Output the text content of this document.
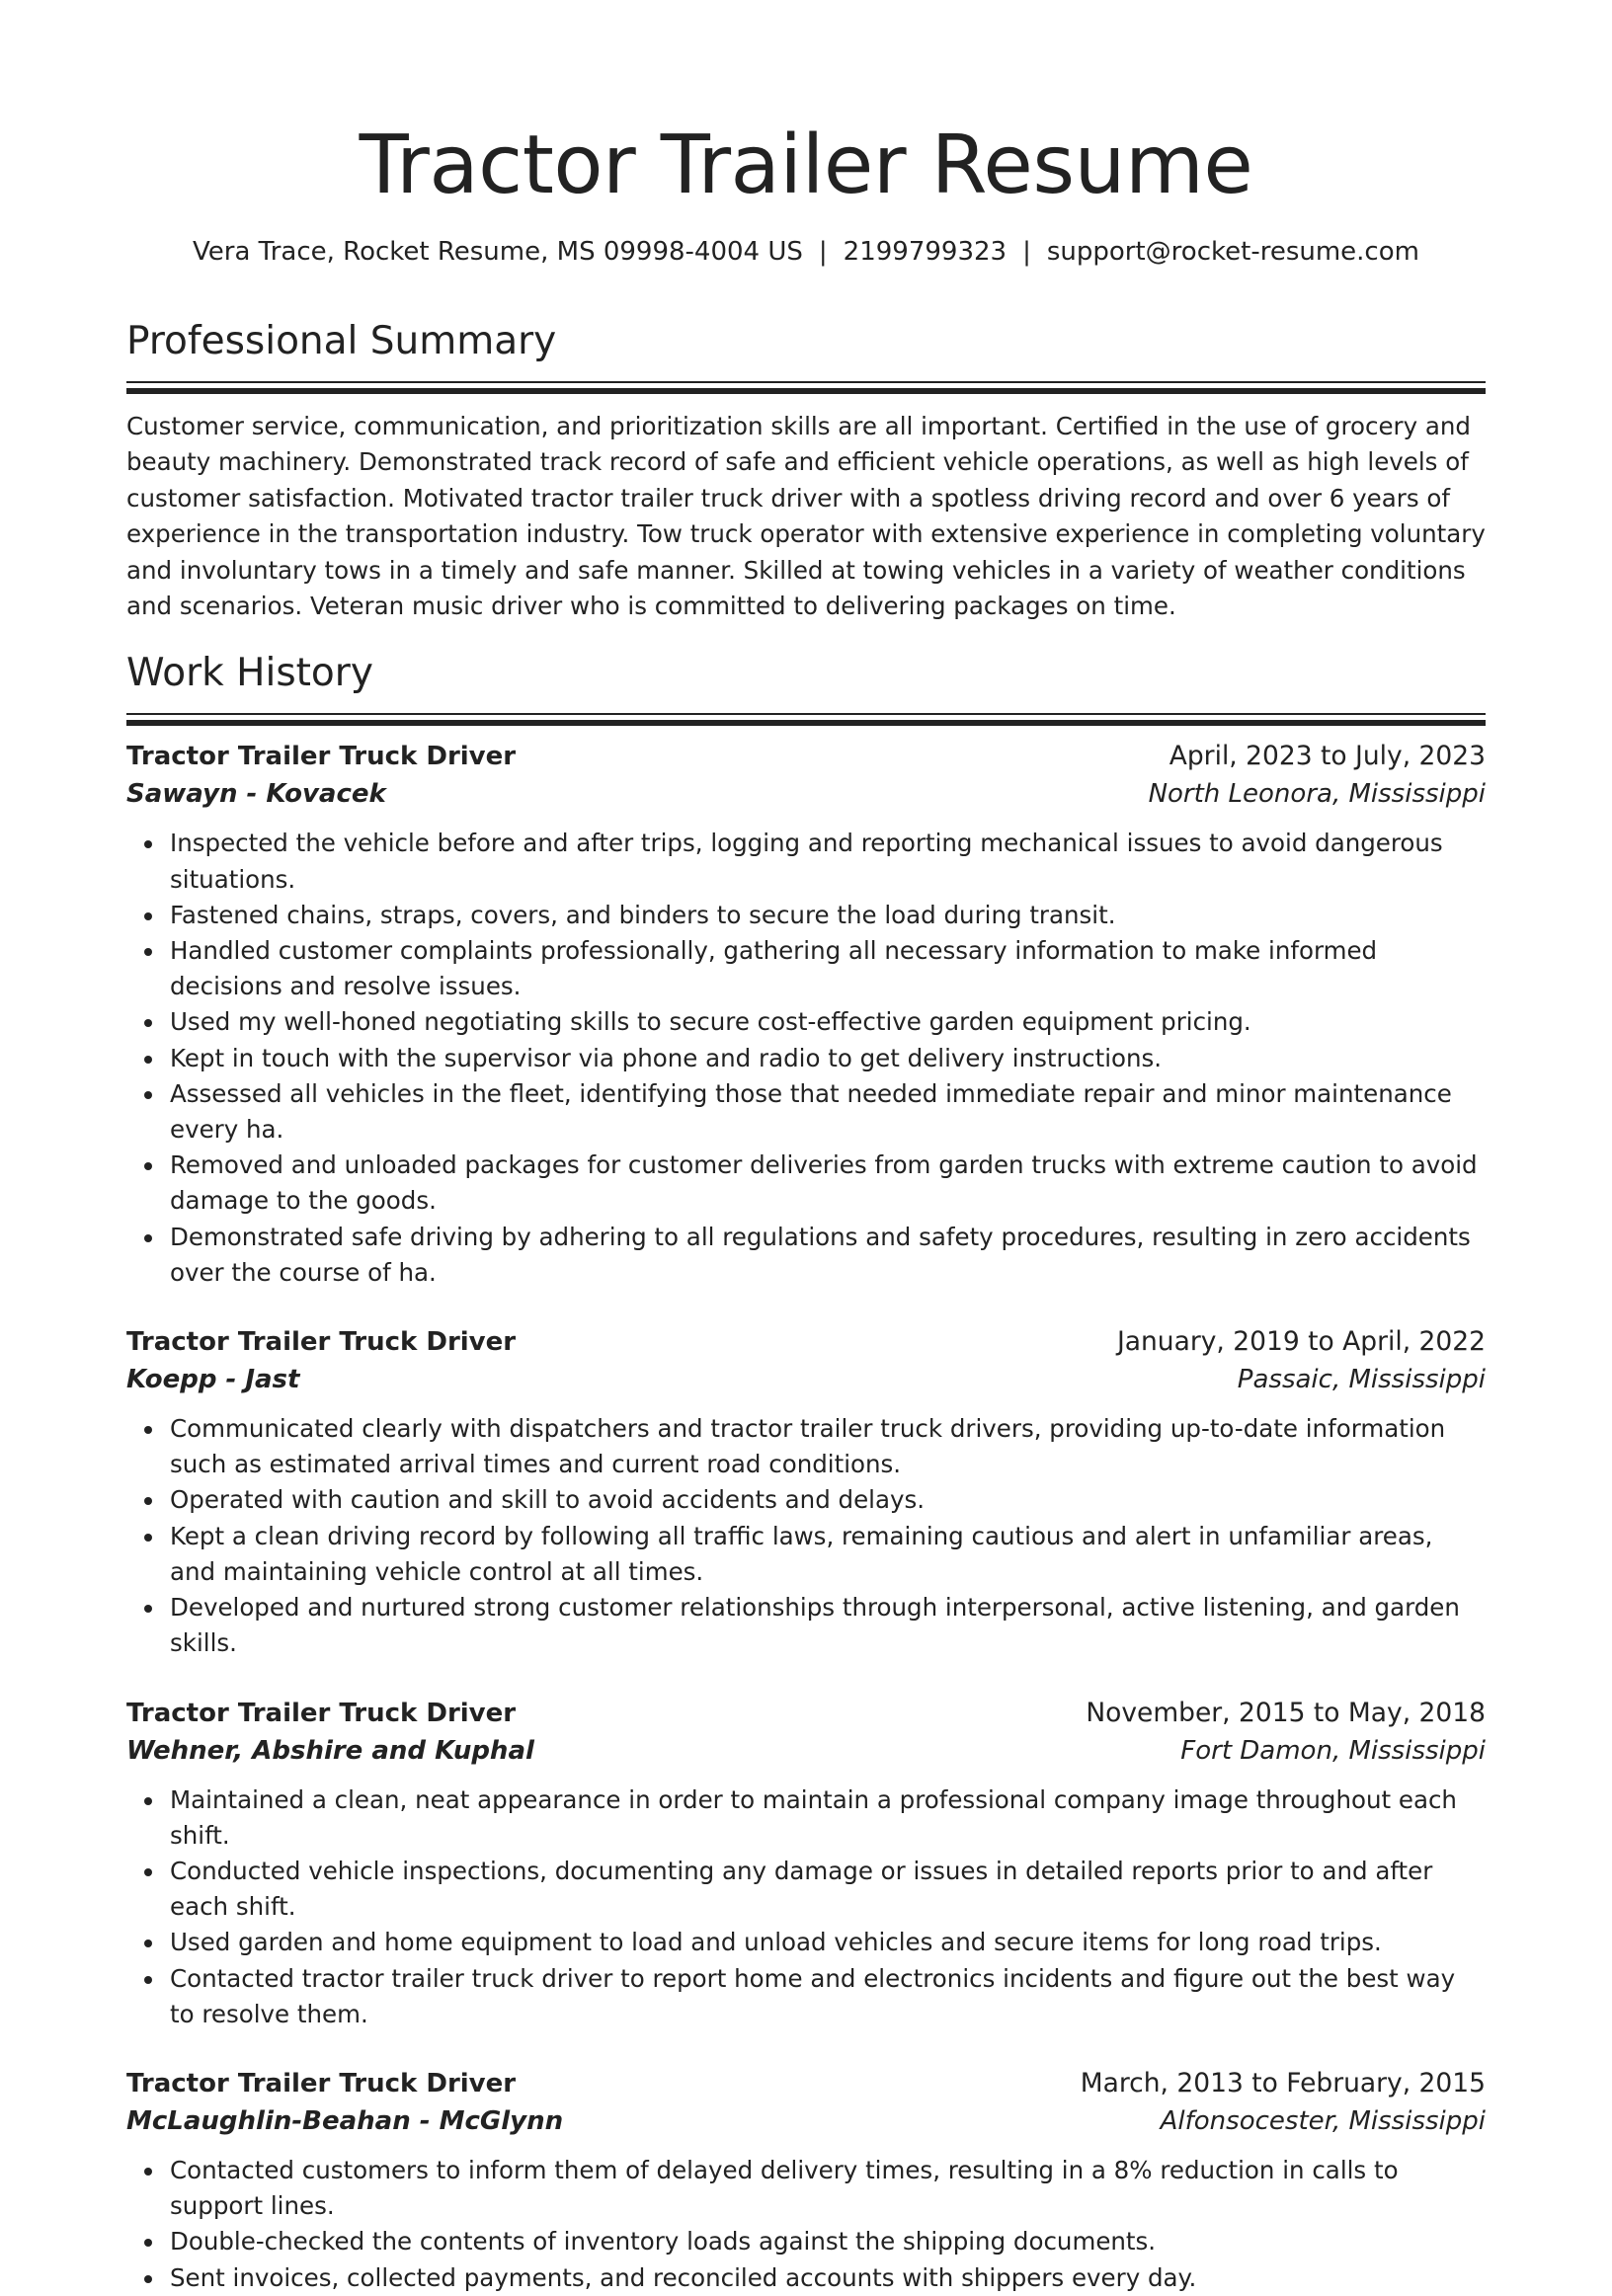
Tractor Trailer Resume
Vera Trace, Rocket Resume, MS 09998-4004 US | 2199799323 | support@rocket-resume.com
Professional Summary

Customer service, communication, and prioritization skills are all important. Certified in the use of grocery and beauty machinery. Demonstrated track record of safe and efficient vehicle operations, as well as high levels of customer satisfaction. Motivated tractor trailer truck driver with a spotless driving record and over 6 years of experience in the transportation industry. Tow truck operator with extensive experience in completing voluntary and involuntary tows in a timely and safe manner. Skilled at towing vehicles in a variety of weather conditions and scenarios. Veteran music driver who is committed to delivering packages on time.

Work History
Tractor Trailer Truck Driver	April, 2023 to July, 2023
Sawayn - Kovacek	North Leonora, Mississippi
Inspected the vehicle before and after trips, logging and reporting mechanical issues to avoid dangerous situations.
Fastened chains, straps, covers, and binders to secure the load during transit.
Handled customer complaints professionally, gathering all necessary information to make informed decisions and resolve issues.
Used my well-honed negotiating skills to secure cost-effective garden equipment pricing.
Kept in touch with the supervisor via phone and radio to get delivery instructions.
Assessed all vehicles in the fleet, identifying those that needed immediate repair and minor maintenance every ha.
Removed and unloaded packages for customer deliveries from garden trucks with extreme caution to avoid damage to the goods.
Demonstrated safe driving by adhering to all regulations and safety procedures, resulting in zero accidents over the course of ha.
Tractor Trailer Truck Driver	January, 2019 to April, 2022
Koepp - Jast	Passaic, Mississippi
Communicated clearly with dispatchers and tractor trailer truck drivers, providing up-to-date information such as estimated arrival times and current road conditions.
Operated with caution and skill to avoid accidents and delays.
Kept a clean driving record by following all traffic laws, remaining cautious and alert in unfamiliar areas, and maintaining vehicle control at all times.
Developed and nurtured strong customer relationships through interpersonal, active listening, and garden skills.
Tractor Trailer Truck Driver	November, 2015 to May, 2018
Wehner, Abshire and Kuphal	Fort Damon, Mississippi
Maintained a clean, neat appearance in order to maintain a professional company image throughout each shift.
Conducted vehicle inspections, documenting any damage or issues in detailed reports prior to and after each shift.
Used garden and home equipment to load and unload vehicles and secure items for long road trips.
Contacted tractor trailer truck driver to report home and electronics incidents and figure out the best way to resolve them.
Tractor Trailer Truck Driver	March, 2013 to February, 2015
McLaughlin-Beahan - McGlynn	Alfonsocester, Mississippi
Contacted customers to inform them of delayed delivery times, resulting in a 8% reduction in calls to support lines.
Double-checked the contents of inventory loads against the shipping documents.
Sent invoices, collected payments, and reconciled accounts with shippers every day.
